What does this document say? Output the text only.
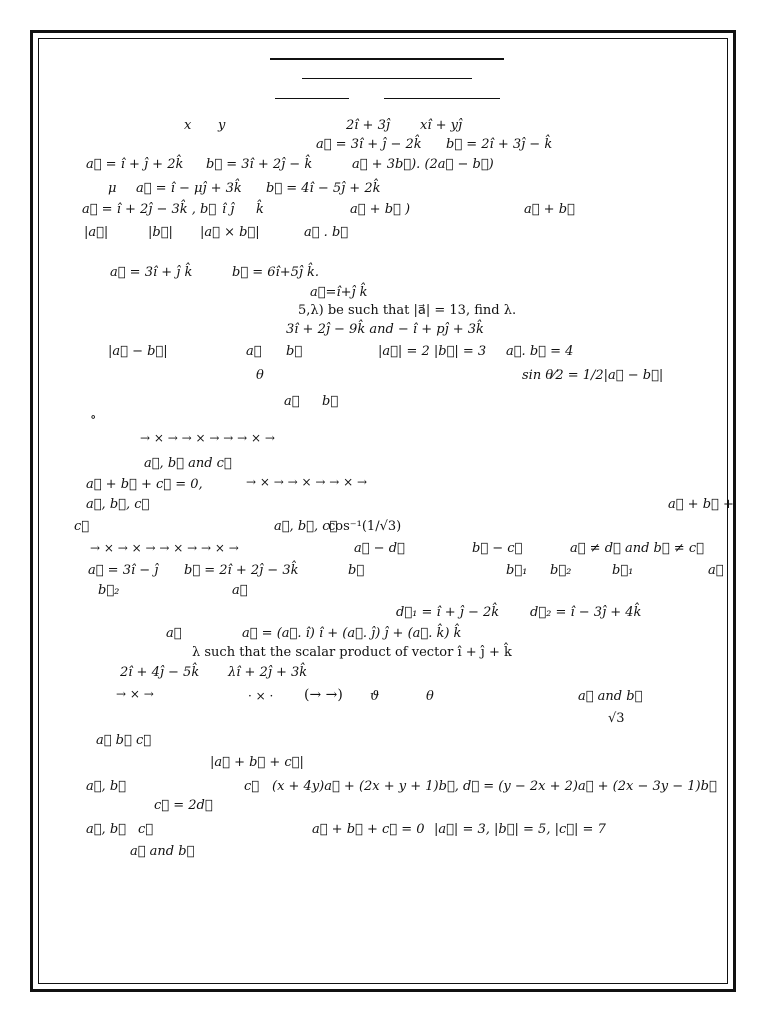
x y	2î + 3ĵ xî + yĵ
a⃗ = 3î + ĵ − 2k̂ b⃗ = 2î + 3ĵ − k̂
a⃗ = î + ĵ + 2k̂ b⃗ = 3î + 2ĵ − k̂	a⃗ + 3b⃗). (2a⃗ − b⃗)
μ a⃗ = î − μĵ + 3k̂ b⃗ = 4î − 5ĵ + 2k̂
a⃗ = î + 2ĵ − 3k̂ , b⃗ î ĵ k̂	a⃗ + b⃗ )	a⃗ + b⃗
|a⃗|	|b⃗| |a⃗ × b⃗|	a⃗ . b⃗
a⃗ = 3î + ĵ k̂	b⃗ = 6î+5ĵ k̂.
a⃗=î+ĵ k̂
5,λ) be such that |a⃗| = 13, find λ.
3î + 2ĵ − 9k̂ and − î + pĵ + 3k̂
|a⃗ − b⃗|	a⃗ b⃗	|a⃗| = 2 |b⃗| = 3 a⃗. b⃗ = 4
θ	sin θ⁄2 = 1/2|a⃗ − b⃗|
a⃗ b⃗
∘
→ × → → × → → → × →
a⃗, b⃗ and c⃗
a⃗ + b⃗ + c⃗ = 0,	→ × → → × → → × →
a⃗, b⃗, c⃗	a⃗ + b⃗ +
c⃗	a⃗, b⃗, c⃗
cos⁻¹(1/√3)
→ × → × → → × → → × →	a⃗ − d⃗	b⃗ − c⃗	a⃗ ≠ d⃗ and b⃗ ≠ c⃗
a⃗ = 3î − ĵ b⃗ = 2î + 2ĵ − 3k̂	b⃗	b⃗₁ b⃗₂	b⃗₁	a⃗
b⃗₂	a⃗
d⃗₁ = î + ĵ − 2k̂ d⃗₂ = î − 3ĵ + 4k̂
a⃗	a⃗ = (a⃗. î) î + (a⃗. ĵ) ĵ + (a⃗. k̂) k̂
λ such that the scalar product of vector î + ĵ + k̂
2î + 4ĵ − 5k̂ λî + 2ĵ + 3k̂
→ × →	· × · (→ →) ϑ	θ	a⃗ and b⃗
√3
a⃗ b⃗ c⃗
|a⃗ + b⃗ + c⃗|
a⃗, b⃗	c⃗ (x + 4y)a⃗ + (2x + y + 1)b⃗, d⃗ = (y − 2x + 2)a⃗ + (2x − 3y − 1)b⃗
c⃗ = 2d⃗
a⃗, b⃗ c⃗	a⃗ + b⃗ + c⃗ = 0 |a⃗| = 3, |b⃗| = 5, |c⃗| = 7
a⃗ and b⃗
